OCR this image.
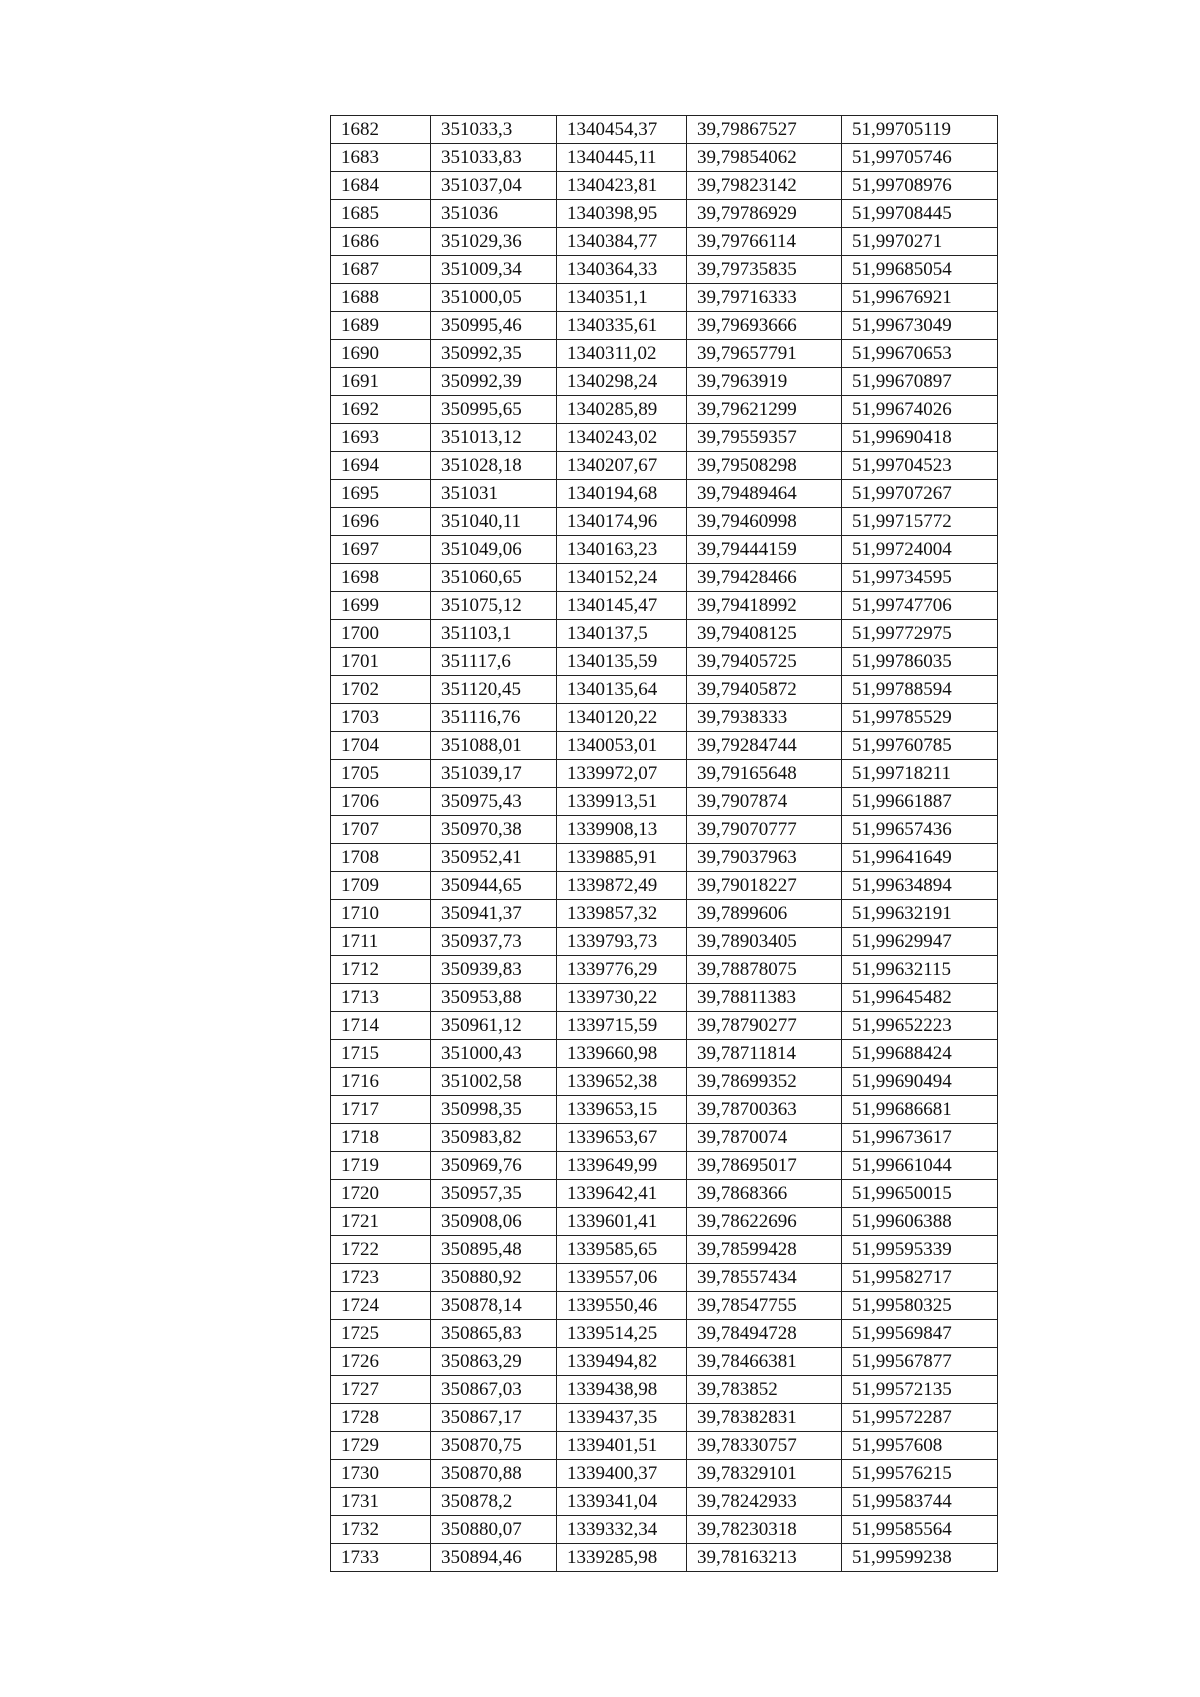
1682	351033,3	1340454,37	39,79867527	51,99705119
1683	351033,83	1340445,11	39,79854062	51,99705746
1684	351037,04	1340423,81	39,79823142	51,99708976
1685	351036	1340398,95	39,79786929	51,99708445
1686	351029,36	1340384,77	39,79766114	51,9970271
1687	351009,34	1340364,33	39,79735835	51,99685054
1688	351000,05	1340351,1	39,79716333	51,99676921
1689	350995,46	1340335,61	39,79693666	51,99673049
1690	350992,35	1340311,02	39,79657791	51,99670653
1691	350992,39	1340298,24	39,7963919	51,99670897
1692	350995,65	1340285,89	39,79621299	51,99674026
1693	351013,12	1340243,02	39,79559357	51,99690418
1694	351028,18	1340207,67	39,79508298	51,99704523
1695	351031	1340194,68	39,79489464	51,99707267
1696	351040,11	1340174,96	39,79460998	51,99715772
1697	351049,06	1340163,23	39,79444159	51,99724004
1698	351060,65	1340152,24	39,79428466	51,99734595
1699	351075,12	1340145,47	39,79418992	51,99747706
1700	351103,1	1340137,5	39,79408125	51,99772975
1701	351117,6	1340135,59	39,79405725	51,99786035
1702	351120,45	1340135,64	39,79405872	51,99788594
1703	351116,76	1340120,22	39,7938333	51,99785529
1704	351088,01	1340053,01	39,79284744	51,99760785
1705	351039,17	1339972,07	39,79165648	51,99718211
1706	350975,43	1339913,51	39,7907874	51,99661887
1707	350970,38	1339908,13	39,79070777	51,99657436
1708	350952,41	1339885,91	39,79037963	51,99641649
1709	350944,65	1339872,49	39,79018227	51,99634894
1710	350941,37	1339857,32	39,7899606	51,99632191
1711	350937,73	1339793,73	39,78903405	51,99629947
1712	350939,83	1339776,29	39,78878075	51,99632115
1713	350953,88	1339730,22	39,78811383	51,99645482
1714	350961,12	1339715,59	39,78790277	51,99652223
1715	351000,43	1339660,98	39,78711814	51,99688424
1716	351002,58	1339652,38	39,78699352	51,99690494
1717	350998,35	1339653,15	39,78700363	51,99686681
1718	350983,82	1339653,67	39,7870074	51,99673617
1719	350969,76	1339649,99	39,78695017	51,99661044
1720	350957,35	1339642,41	39,7868366	51,99650015
1721	350908,06	1339601,41	39,78622696	51,99606388
1722	350895,48	1339585,65	39,78599428	51,99595339
1723	350880,92	1339557,06	39,78557434	51,99582717
1724	350878,14	1339550,46	39,78547755	51,99580325
1725	350865,83	1339514,25	39,78494728	51,99569847
1726	350863,29	1339494,82	39,78466381	51,99567877
1727	350867,03	1339438,98	39,783852	51,99572135
1728	350867,17	1339437,35	39,78382831	51,99572287
1729	350870,75	1339401,51	39,78330757	51,9957608
1730	350870,88	1339400,37	39,78329101	51,99576215
1731	350878,2	1339341,04	39,78242933	51,99583744
1732	350880,07	1339332,34	39,78230318	51,99585564
1733	350894,46	1339285,98	39,78163213	51,99599238
